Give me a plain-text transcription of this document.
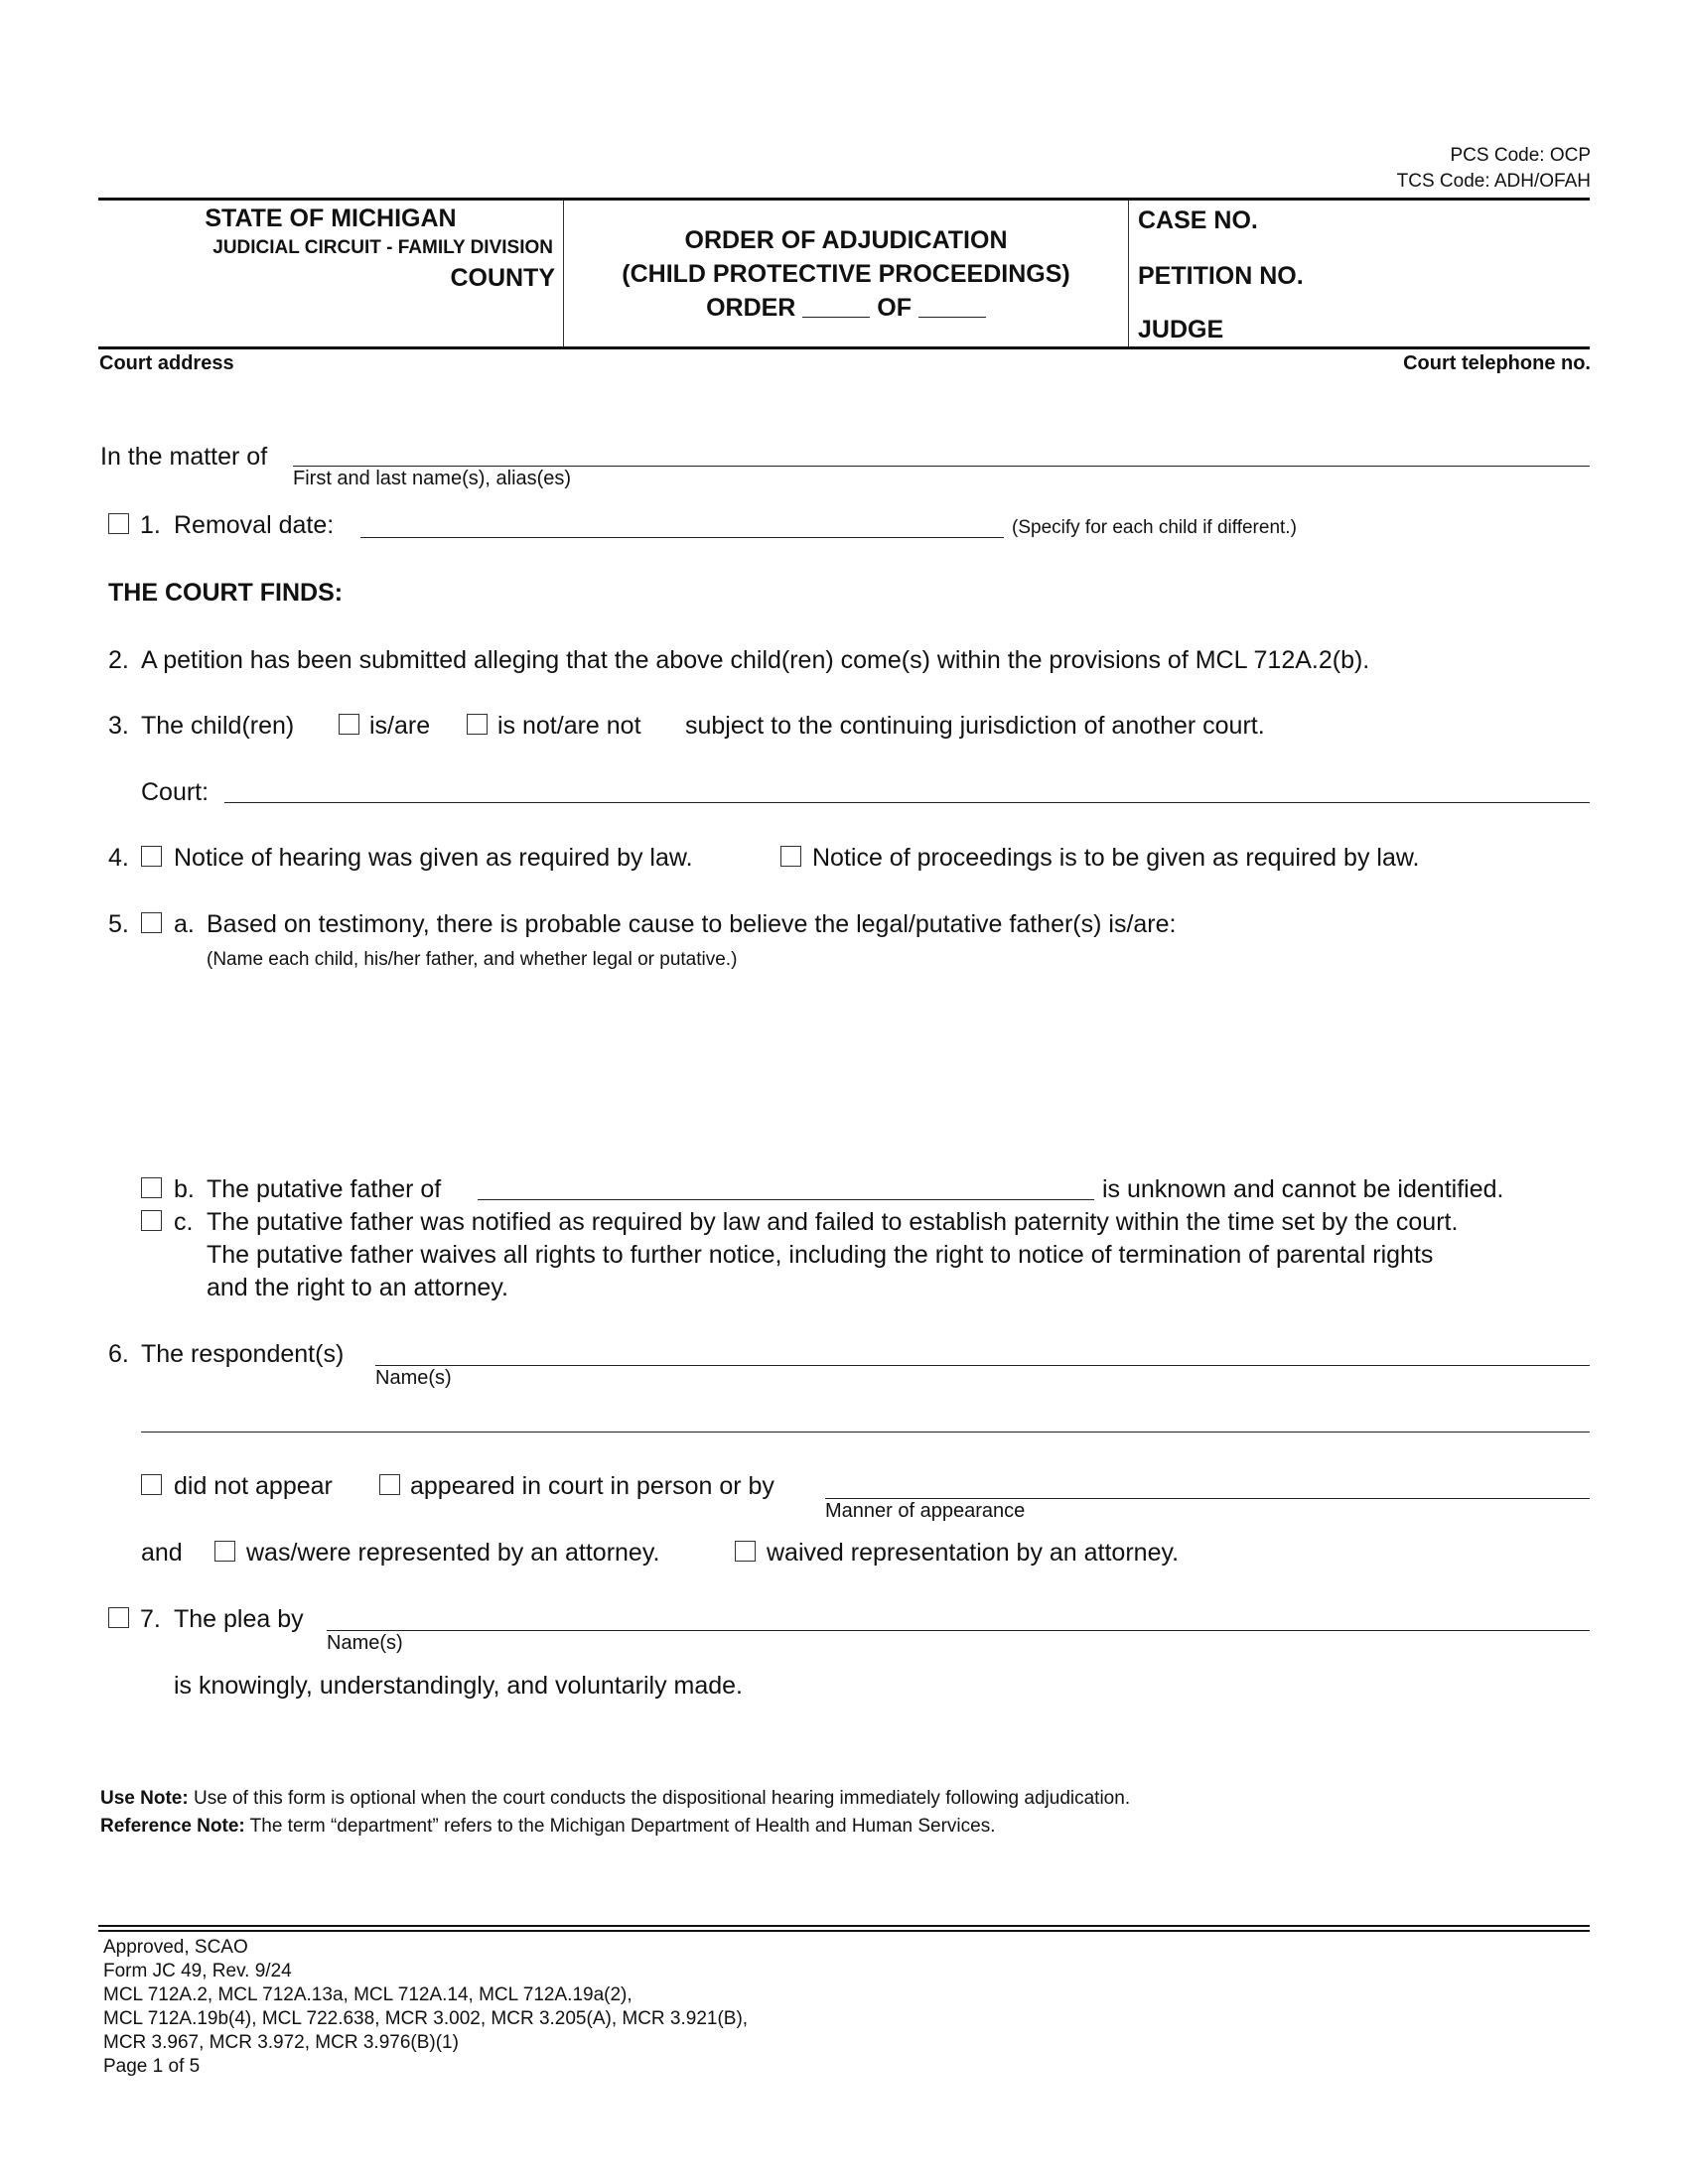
PCS Code: OCP
TCS Code: ADH/OFAH
STATE OF MICHIGAN
JUDICIAL CIRCUIT - FAMILY DIVISION
COUNTY
ORDER OF ADJUDICATION
(CHILD PROTECTIVE PROCEEDINGS)
ORDER	OF
CASE NO.
PETITION NO.
JUDGE
Court address	Court telephone no.
In the matter of
First and last name(s), alias(es)
1. Removal date:	(Specify for each child if different.)
THE COURT FINDS:
2. A petition has been submitted alleging that the above child(ren) come(s) within the provisions of MCL 712A.2(b).
3. The child(ren)	is/are	is not/are not subject to the continuing jurisdiction of another court.
Court:
4. Notice of hearing was given as required by law.	Notice of proceedings is to be given as required by law.
5. a. Based on testimony, there is probable cause to believe the legal/putative father(s) is/are:
(Name each child, his/her father, and whether legal or putative.)
b. The putative father of	is unknown and cannot be identified.
c. The putative father was notified as required by law and failed to establish paternity within the time set by the court.
The putative father waives all rights to further notice, including the right to notice of termination of parental rights
and the right to an attorney.
6. The respondent(s)
Name(s)
did not appear	appeared in court in person or by
Manner of appearance
and	was/were represented by an attorney.	waived representation by an attorney.
7. The plea by
Name(s)
is knowingly, understandingly, and voluntarily made.
Use Note: Use of this form is optional when the court conducts the dispositional hearing immediately following adjudication.
Reference Note: The term “department” refers to the Michigan Department of Health and Human Services.
Approved, SCAO
Form JC 49, Rev. 9/24
MCL 712A.2, MCL 712A.13a, MCL 712A.14, MCL 712A.19a(2),
MCL 712A.19b(4), MCL 722.638, MCR 3.002, MCR 3.205(A), MCR 3.921(B),
MCR 3.967, MCR 3.972, MCR 3.976(B)(1)
Page 1 of 5
